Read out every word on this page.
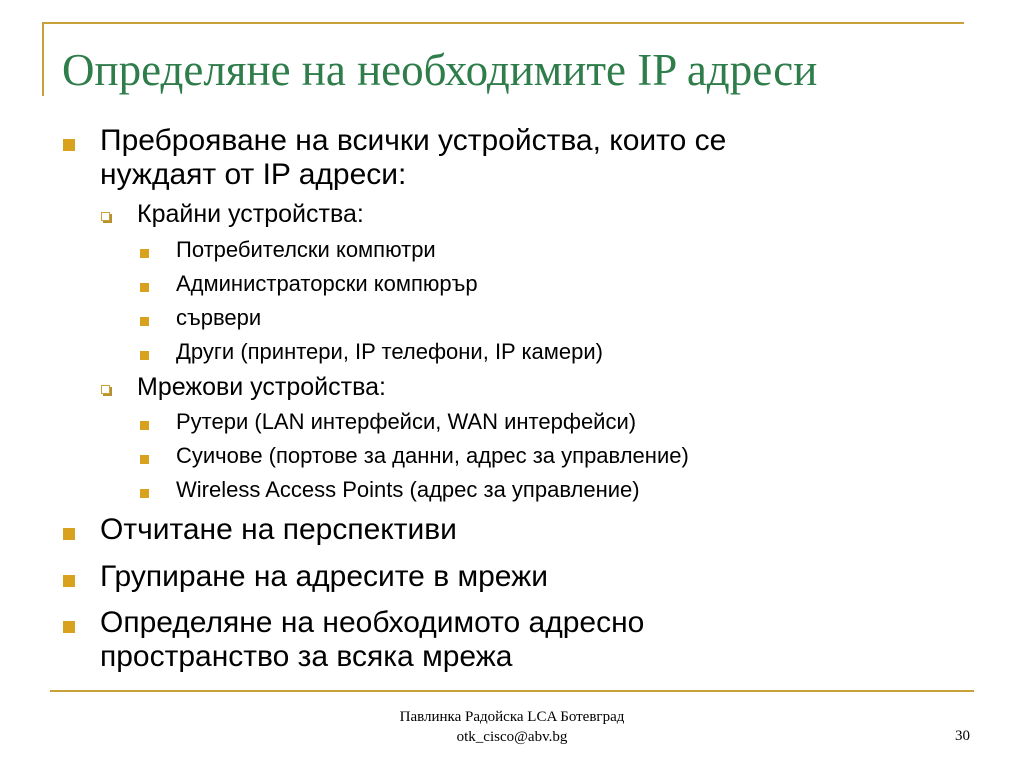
Определяне на необходимите IP адреси
Преброяване на всички устройства, които се
нуждаят от IP адреси:
Крайни устройства:
Потребителски компютри
Администраторски компюрър
сървери
Други (принтери, IP телефони, IP камери)
Мрежови устройства:
Рутери (LAN интерфейси, WAN интерфейси)
Суичове (портове за данни, адрес за управление)
Wireless Access Points (адрес за управление)
Отчитане на перспективи
Групиране на адресите в мрежи
Определяне на необходимото адресно
пространство за всяка мрежа
Павлинка Радойска LCA Ботевград
otk_cisco@abv.bg	30
